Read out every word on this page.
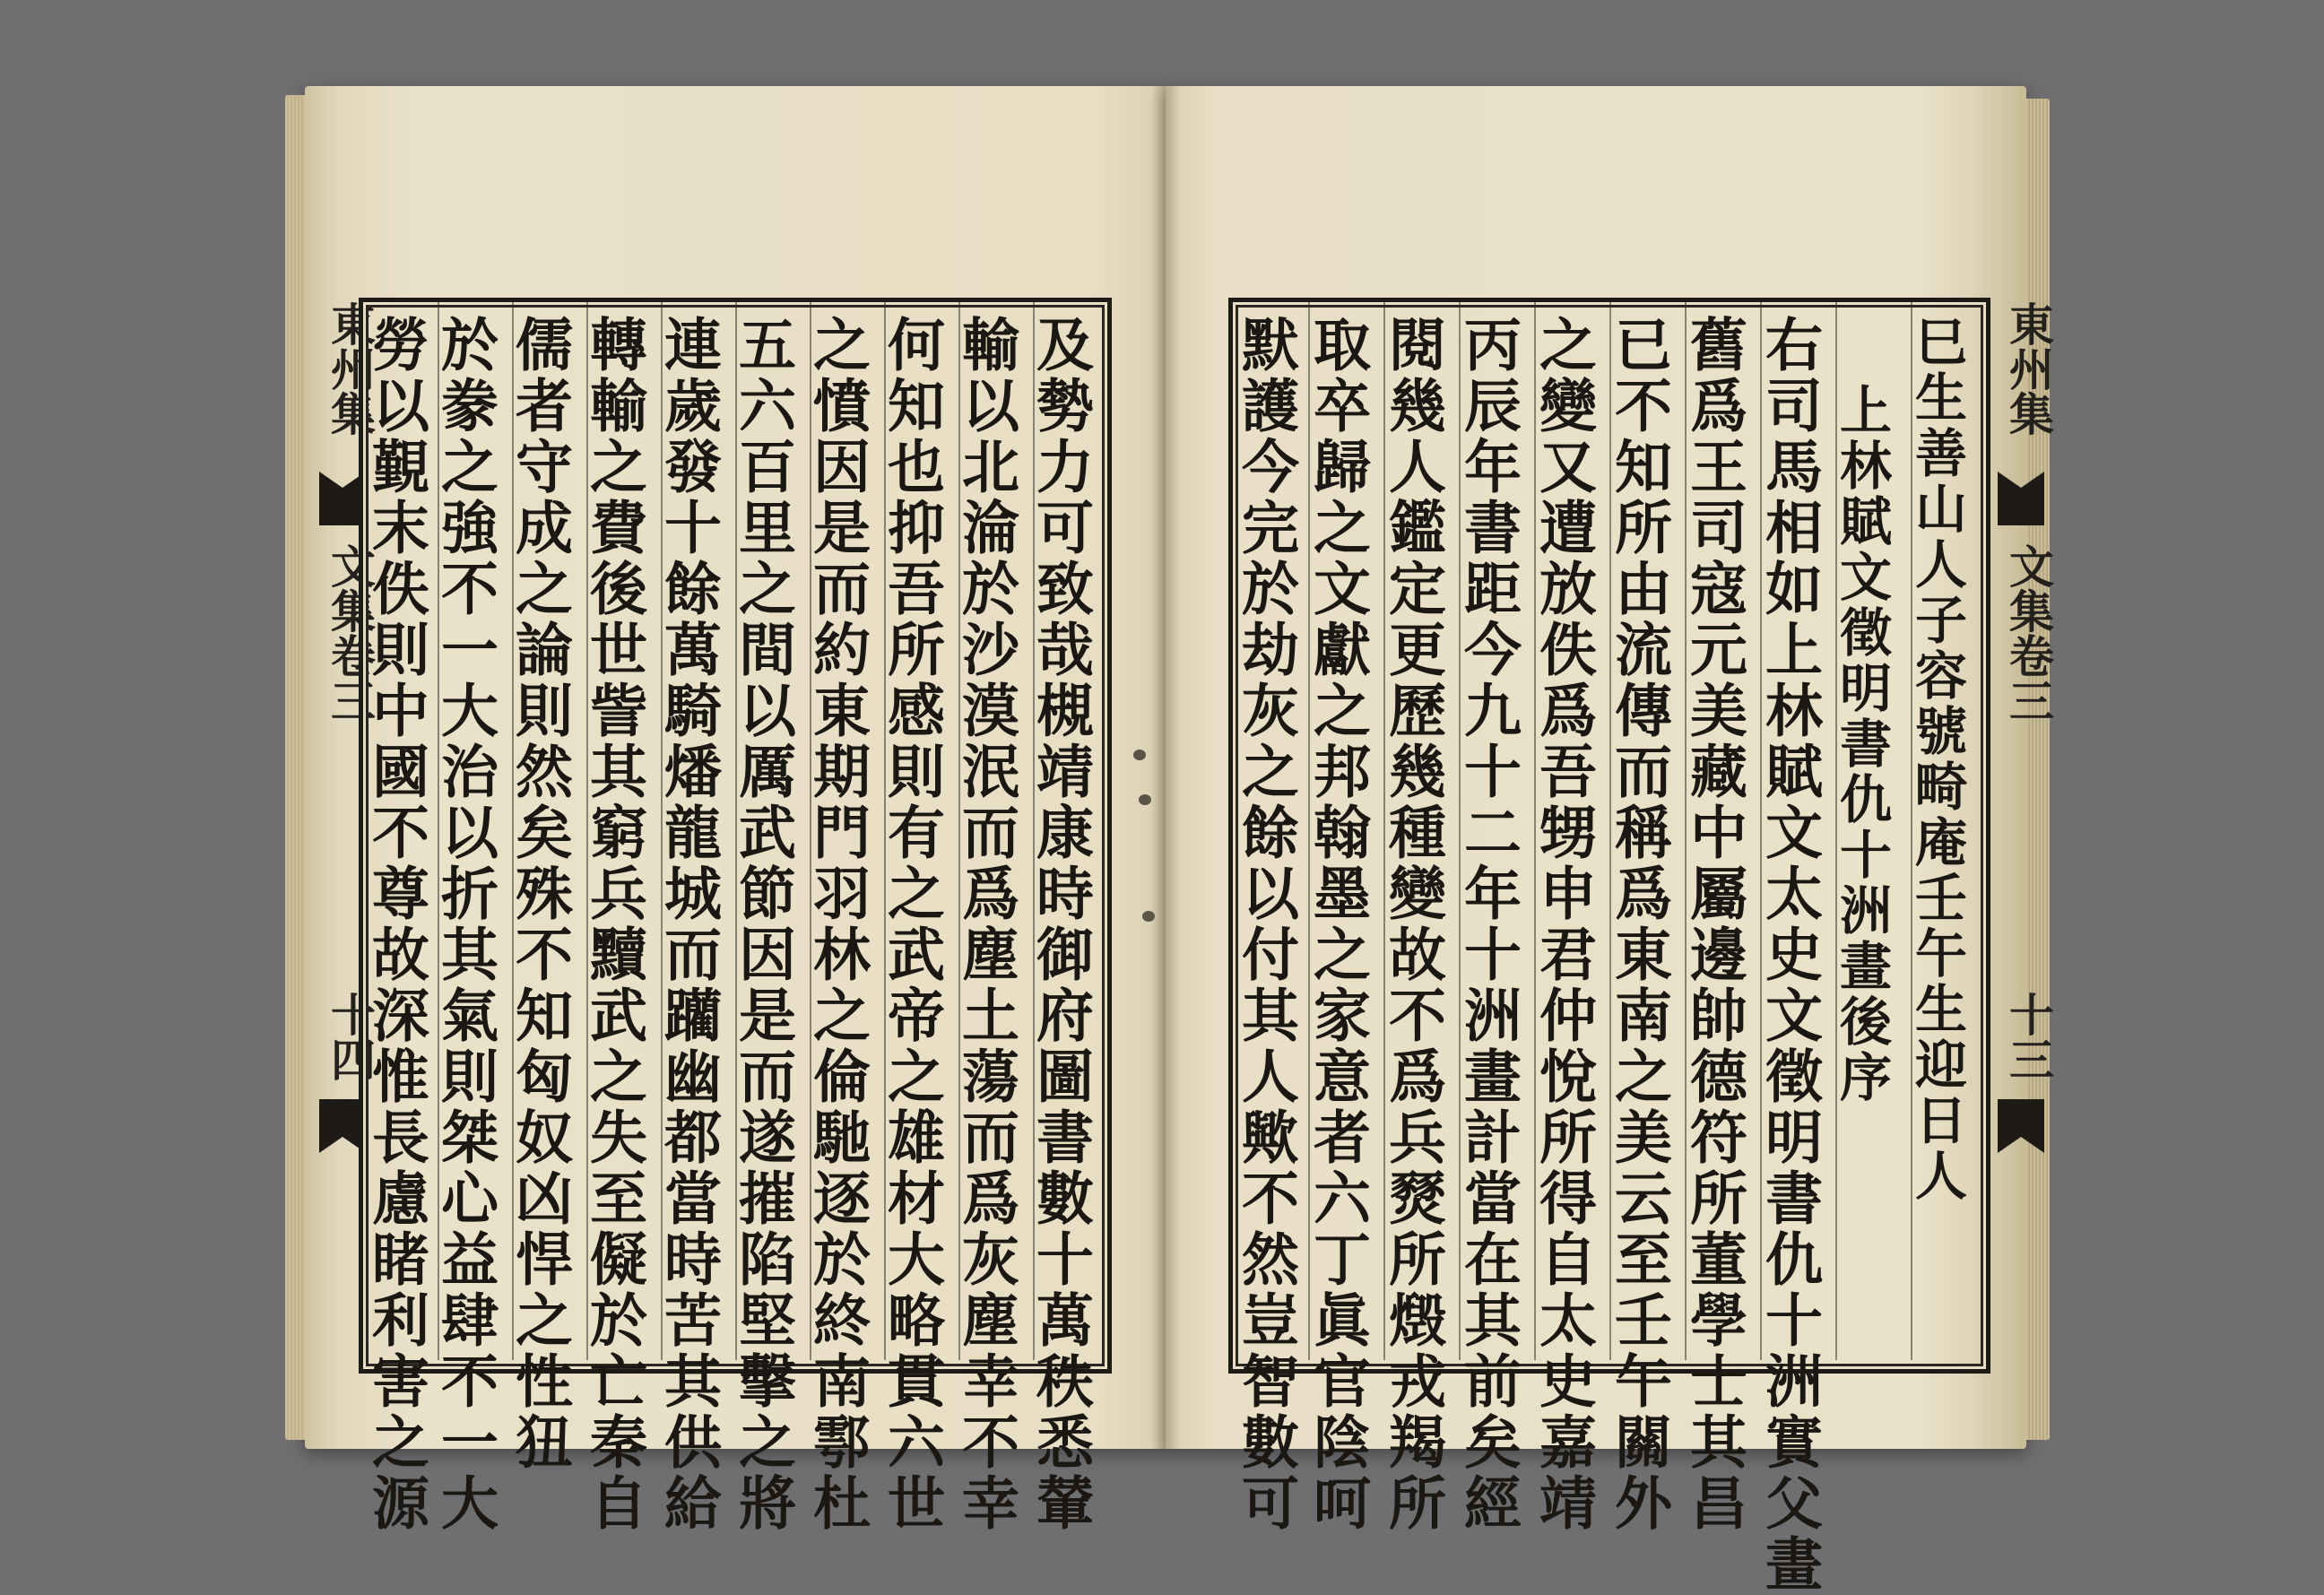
東州集
文集卷三
十四	及勢力可致哉槻靖康時御府圖書數十萬秩悉輦
輸以北淪於沙漠泯而爲塵土蕩而爲灰塵幸不幸
何知也抑吾所感則有之武帝之雄材大略貫六世
之憤因是而約東期門羽林之倫馳逐於終南鄠杜
五六百里之間以厲武節因是而遂摧陷堅擊之將
連歲發十餘萬騎燔龍城而躪幽都當時苦其供給
轉輸之費後世訾其窮兵黷武之失至儗於亡秦自
儒者守成之論則然矣殊不知匈奴凶悍之性狃
於豢之強不一大治以折其氣則桀心益肆不一大
勞以覲末佚則中國不尊故深惟長慮睹利害之源	巳生善山人子容號畸庵壬午生迎日人
上林賦文徵明書仇十洲畫後序
右司馬相如上林賦文太史文徵明書仇十洲實父畫
舊爲王司寇元美藏中屬邊帥德符所董學士其昌
已不知所由流傳而稱爲東南之美云至壬午關外
之變又遭放佚爲吾甥申君仲悅所得自太史嘉靖
丙辰年書距今九十二年十洲畫計當在其前矣經
閱幾人鑑定更歷幾種變故不爲兵燹所燬戎羯所
取卒歸之文獻之邦翰墨之家意者六丁眞官陰呵
默護今完於劫灰之餘以付其人歟不然豈智數可	東州集
文集卷三
十三
